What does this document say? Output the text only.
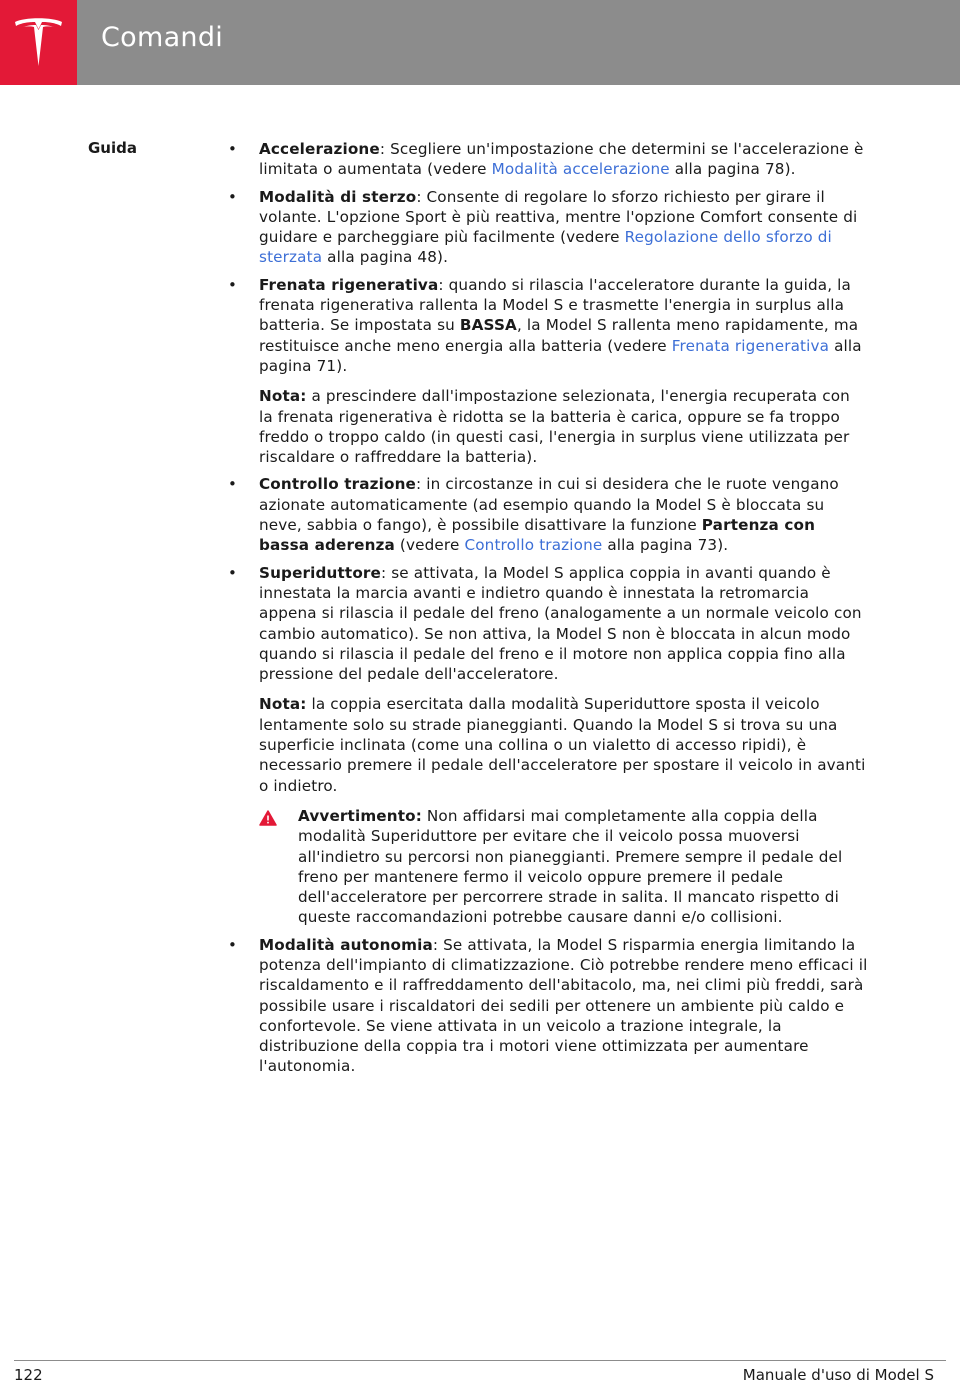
Comandi
Guida	• Accelerazione: Scegliere un'impostazione che determini se l'accelerazione è limitata o aumentata (vedere Modalità accelerazione alla pagina 78).

• Modalità di sterzo: Consente di regolare lo sforzo richiesto per girare il volante. L'opzione Sport è più reattiva, mentre l'opzione Comfort consente di guidare e parcheggiare più facilmente (vedere Regolazione dello sforzo di sterzata alla pagina 48).

• Frenata rigenerativa: quando si rilascia l'acceleratore durante la guida, la frenata rigenerativa rallenta la Model S e trasmette l'energia in surplus alla batteria. Se impostata su BASSA, la Model S rallenta meno rapidamente, ma restituisce anche meno energia alla batteria (vedere Frenata rigenerativa alla pagina 71).

Nota: a prescindere dall'impostazione selezionata, l'energia recuperata con la frenata rigenerativa è ridotta se la batteria è carica, oppure se fa troppo freddo o troppo caldo (in questi casi, l'energia in surplus viene utilizzata per riscaldare o raffreddare la batteria).

• Controllo trazione: in circostanze in cui si desidera che le ruote vengano azionate automaticamente (ad esempio quando la Model S è bloccata su neve, sabbia o fango), è possibile disattivare la funzione Partenza con bassa aderenza (vedere Controllo trazione alla pagina 73).

• Superiduttore: se attivata, la Model S applica coppia in avanti quando è innestata la marcia avanti e indietro quando è innestata la retromarcia appena si rilascia il pedale del freno (analogamente a un normale veicolo con cambio automatico). Se non attiva, la Model S non è bloccata in alcun modo quando si rilascia il pedale del freno e il motore non applica coppia fino alla pressione del pedale dell'acceleratore.

Nota: la coppia esercitata dalla modalità Superiduttore sposta il veicolo lentamente solo su strade pianeggianti. Quando la Model S si trova su una superficie inclinata (come una collina o un vialetto di accesso ripidi), è necessario premere il pedale dell'acceleratore per spostare il veicolo in avanti o indietro.

Avvertimento: Non affidarsi mai completamente alla coppia della modalità Superiduttore per evitare che il veicolo possa muoversi all'indietro su percorsi non pianeggianti. Premere sempre il pedale del freno per mantenere fermo il veicolo oppure premere il pedale dell'acceleratore per percorrere strade in salita. Il mancato rispetto di queste raccomandazioni potrebbe causare danni e/o collisioni.

• Modalità autonomia: Se attivata, la Model S risparmia energia limitando la potenza dell'impianto di climatizzazione. Ciò potrebbe rendere meno efficaci il riscaldamento e il raffreddamento dell'abitacolo, ma, nei climi più freddi, sarà possibile usare i riscaldatori dei sedili per ottenere un ambiente più caldo e confortevole. Se viene attivata in un veicolo a trazione integrale, la distribuzione della coppia tra i motori viene ottimizzata per aumentare l'autonomia.

122	Manuale d'uso di Model S
